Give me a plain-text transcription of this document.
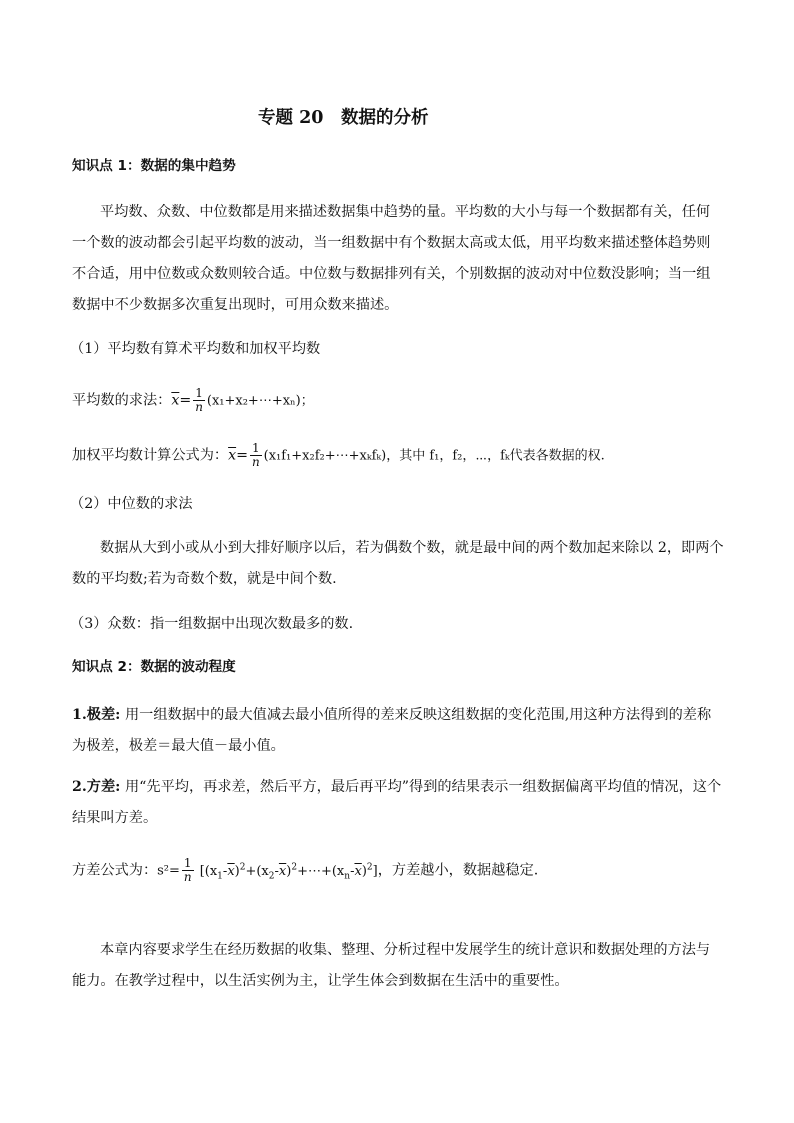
专题 20　数据的分析
知识点 1：数据的集中趋势
平均数、众数、中位数都是用来描述数据集中趋势的量。平均数的大小与每一个数据都有关，任何一个数的波动都会引起平均数的波动，当一组数据中有个数据太高或太低，用平均数来描述整体趋势则不合适，用中位数或众数则较合适。中位数与数据排列有关，个别数据的波动对中位数没影响；当一组数据中不少数据多次重复出现时，可用众数来描述。
（1）平均数有算术平均数和加权平均数
平均数的求法：$\overline{x}= \frac{1}{n}$ (x₁+x₂+⋯+xₙ)；
加权平均数计算公式为：$\overline{x}= \frac{1}{n}$ (x₁f₁+x₂f₂+⋯+xₖfₖ)，其中 f₁，f₂，⋯，fₖ代表各数据的权.
（2）中位数的求法
数据从大到小或从小到大排好顺序以后，若为偶数个数，就是最中间的两个数加起来除以 2，即两个数的平均数;若为奇数个数，就是中间个数.
（3）众数：指一组数据中出现次数最多的数.
知识点 2：数据的波动程度
1.极差: 用一组数据中的最大值减去最小值所得的差来反映这组数据的变化范围,用这种方法得到的差称为极差，极差＝最大值－最小值。
2.方差: 用“先平均，再求差，然后平方，最后再平均”得到的结果表示一组数据偏离平均值的情况，这个结果叫方差。
方差公式为：$s^2= \frac{1}{n}$ $[(x_1-\overline{x})^2+(x_2-\overline{x})^2+\cdots+(x_n-\overline{x})^2]$，方差越小，数据越稳定.
本章内容要求学生在经历数据的收集、整理、分析过程中发展学生的统计意识和数据处理的方法与能力。在教学过程中，以生活实例为主，让学生体会到数据在生活中的重要性。
